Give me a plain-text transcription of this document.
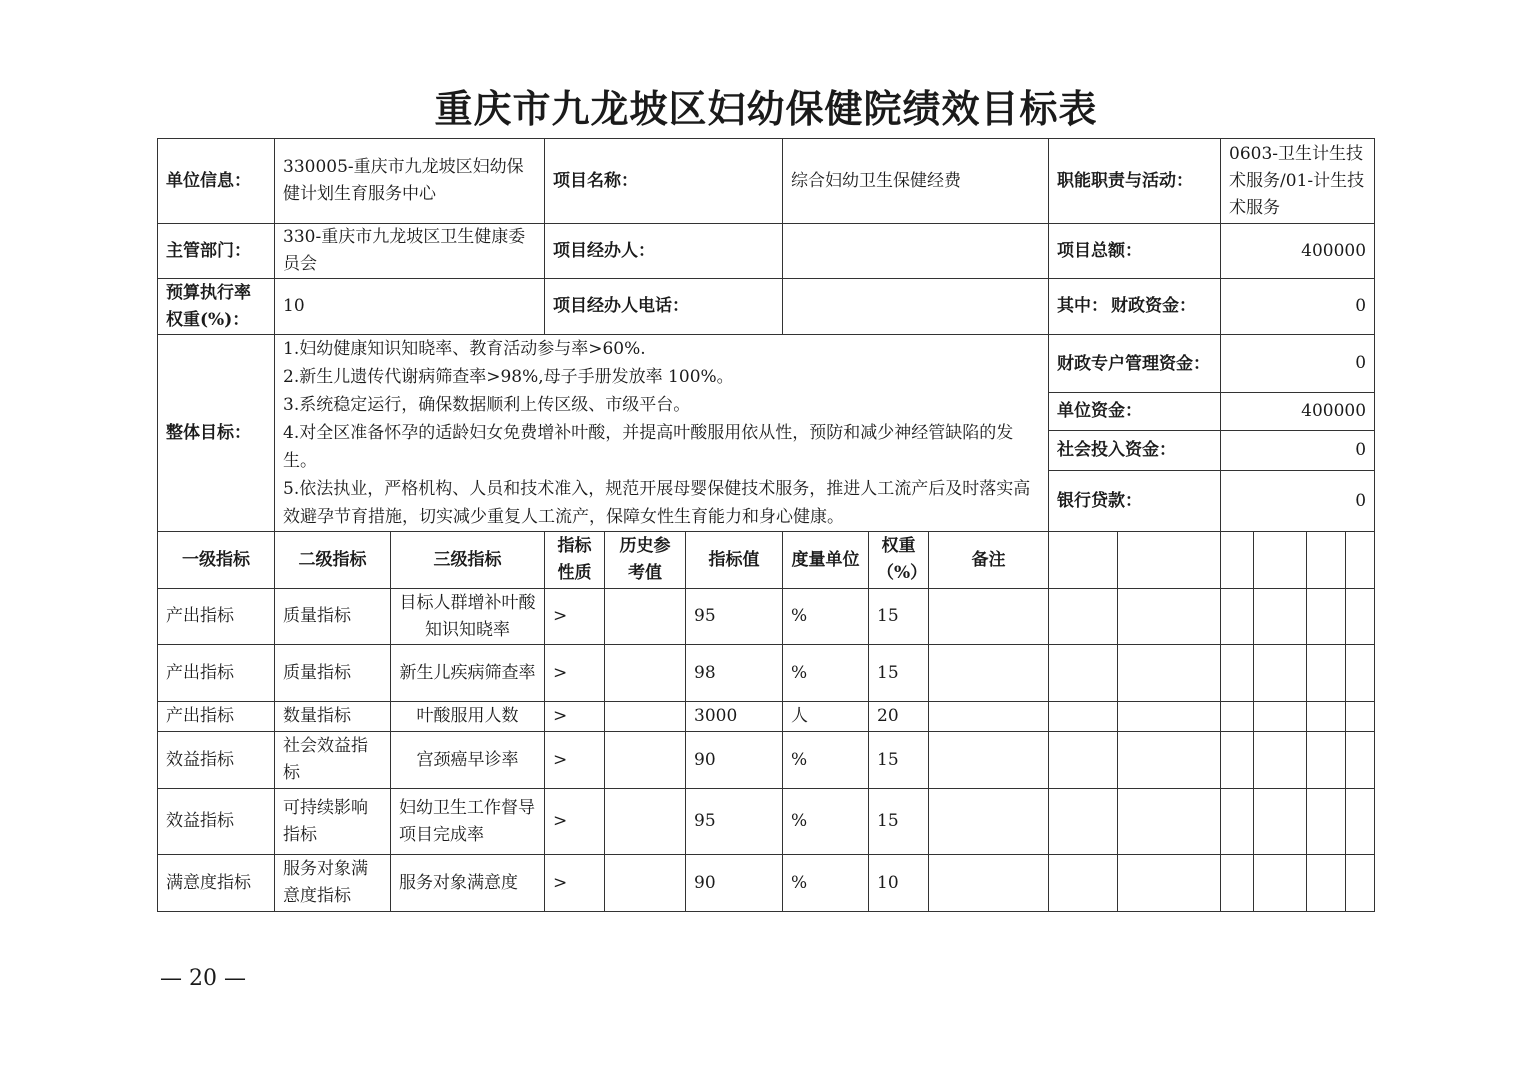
重庆市九龙坡区妇幼保健院绩效目标表
单位信息：	330005-重庆市九龙坡区妇幼保健计划生育服务中心		项目名称：			综合妇幼卫生保健经费			职能职责与活动：		0603-卫生计生技术服务/01-计生技术服务			
主管部门：	330-重庆市九龙坡区卫生健康委员会		项目经办人：						项目总额：		400000			
预算执行率权重(%)：	10		项目经办人电话：						其中： 财政资金：		0			
整体目标：	1.妇幼健康知识知晓率、教育活动参与率>60%.
2.新生儿遗传代谢病筛查率>98%,母子手册发放率 100%。
3.系统稳定运行，确保数据顺利上传区级、市级平台。
4.对全区准备怀孕的适龄妇女免费增补叶酸，并提高叶酸服用依从性，预防和减少神经管缺陷的发生。
5.依法执业，严格机构、人员和技术准入，规范开展母婴保健技术服务，推进人工流产后及时落实高效避孕节育措施，切实减少重复人工流产，保障女性生育能力和身心健康。								财政专户管理资金：		0			
									单位资金：		400000			
									社会投入资金：		0			
									银行贷款：		0			
一级指标	二级指标	三级指标	指标性质	历史参考值	指标值	度量单位	权重（%）	备注						
产出指标	质量指标	目标人群增补叶酸知识知晓率	>		95	%	15							
产出指标	质量指标	新生儿疾病筛查率	>		98	%	15							
产出指标	数量指标	叶酸服用人数	>		3000	人	20							
效益指标	社会效益指标	宫颈癌早诊率	>		90	%	15							
效益指标	可持续影响指标	妇幼卫生工作督导项目完成率	>		95	%	15							
满意度指标	服务对象满意度指标	服务对象满意度	>		90	%	10							
— 20 —
